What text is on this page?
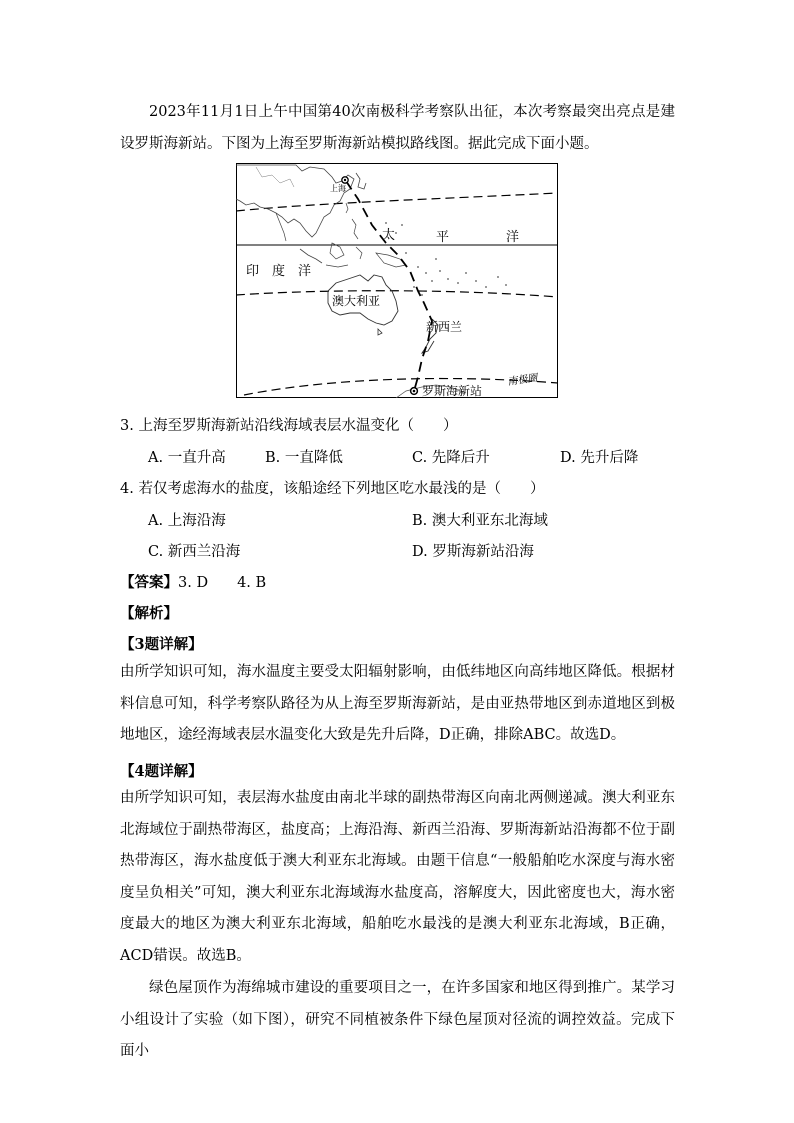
2023年11月1日上午中国第40次南极科学考察队出征，本次考察最突出亮点是建设罗斯海新站。下图为上海至罗斯海新站模拟路线图。据此完成下面小题。

上海
太	平	洋
印　度　洋
澳大利亚
新西兰
罗斯海新站
南极圈
3. 上海至罗斯海新站沿线海域表层水温变化（　　）
A. 一直升高	B. 一直降低	C. 先降后升	D. 先升后降
4. 若仅考虑海水的盐度，该船途经下列地区吃水最浅的是（　　）
A. 上海沿海	B. 澳大利亚东北海域
C. 新西兰沿海	D. 罗斯海新站沿海
【答案】3. D　　4. B
【解析】
【3题详解】

由所学知识可知，海水温度主要受太阳辐射影响，由低纬地区向高纬地区降低。根据材料信息可知，科学考察队路径为从上海至罗斯海新站，是由亚热带地区到赤道地区到极地地区，途经海域表层水温变化大致是先升后降，D正确，排除ABC。故选D。

【4题详解】

由所学知识可知，表层海水盐度由南北半球的副热带海区向南北两侧递减。澳大利亚东北海域位于副热带海区，盐度高；上海沿海、新西兰沿海、罗斯海新站沿海都不位于副热带海区，海水盐度低于澳大利亚东北海域。由题干信息“一般船舶吃水深度与海水密度呈负相关”可知，澳大利亚东北海域海水盐度高，溶解度大，因此密度也大，海水密度最大的地区为澳大利亚东北海域，船舶吃水最浅的是澳大利亚东北海域，B正确，ACD错误。故选B。

绿色屋顶作为海绵城市建设的重要项目之一，在许多国家和地区得到推广。某学习小组设计了实验（如下图），研究不同植被条件下绿色屋顶对径流的调控效益。完成下面小
